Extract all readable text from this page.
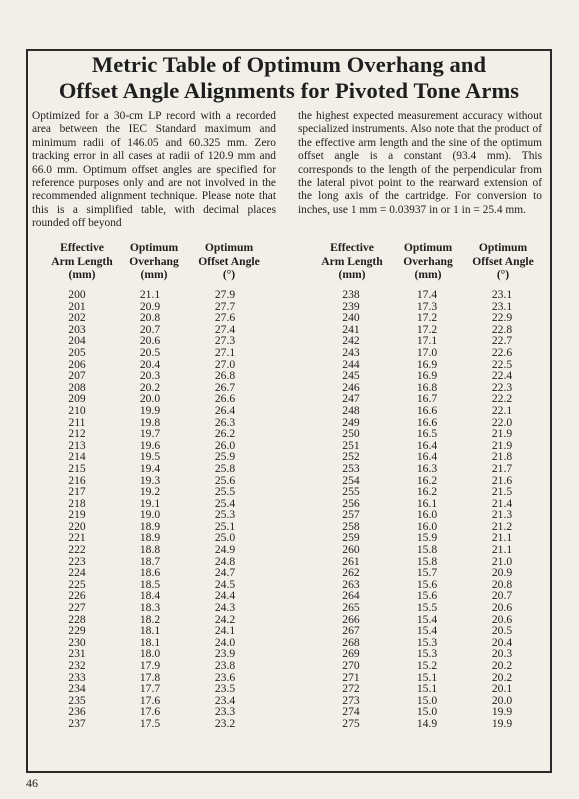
Metric Table of Optimum Overhang and
Offset Angle Alignments for Pivoted Tone Arms
Optimized for a 30-cm LP record with a recorded area between the IEC Standard maximum and minimum radii of 146.05 and 60.325 mm. Zero tracking error in all cases at radii of 120.9 mm and 66.0 mm. Optimum offset angles are specified for reference purposes only and are not involved in the recommended alignment technique. Please note that this is a simplified table, with decimal places rounded off beyond
the highest expected measurement accuracy without specialized instruments. Also note that the product of the effective arm length and the sine of the optimum offset angle is a constant (93.4 mm). This corresponds to the length of the perpendicular from the lateral pivot point to the rearward extension of the long axis of the cartridge. For conversion to inches, use 1 mm = 0.03937 in or 1 in = 25.4 mm.
Effective
Arm Length
(mm)
Optimum
Overhang
(mm)
Optimum
Offset Angle
(°)
Effective
Arm Length
(mm)
Optimum
Overhang
(mm)
Optimum
Offset Angle
(°)
200
201
202
203
204
205
206
207
208
209
210
211
212
213
214
215
216
217
218
219
220
221
222
223
224
225
226
227
228
229
230
231
232
233
234
235
236
237
21.1
20.9
20.8
20.7
20.6
20.5
20.4
20.3
20.2
20.0
19.9
19.8
19.7
19.6
19.5
19.4
19.3
19.2
19.1
19.0
18.9
18.9
18.8
18.7
18.6
18.5
18.4
18.3
18.2
18.1
18.1
18.0
17.9
17.8
17.7
17.6
17.6
17.5
27.9
27.7
27.6
27.4
27.3
27.1
27.0
26.8
26.7
26.6
26.4
26.3
26.2
26.0
25.9
25.8
25.6
25.5
25.4
25.3
25.1
25.0
24.9
24.8
24.7
24.5
24.4
24.3
24.2
24.1
24.0
23.9
23.8
23.6
23.5
23.4
23.3
23.2
238
239
240
241
242
243
244
245
246
247
248
249
250
251
252
253
254
255
256
257
258
259
260
261
262
263
264
265
266
267
268
269
270
271
272
273
274
275
17.4
17.3
17.2
17.2
17.1
17.0
16.9
16.9
16.8
16.7
16.6
16.6
16.5
16.4
16.4
16.3
16.2
16.2
16.1
16.0
16.0
15.9
15.8
15.8
15.7
15.6
15.6
15.5
15.4
15.4
15.3
15.3
15.2
15.1
15.1
15.0
15.0
14.9
23.1
23.1
22.9
22.8
22.7
22.6
22.5
22.4
22.3
22.2
22.1
22.0
21.9
21.9
21.8
21.7
21.6
21.5
21.4
21.3
21.2
21.1
21.1
21.0
20.9
20.8
20.7
20.6
20.6
20.5
20.4
20.3
20.2
20.2
20.1
20.0
19.9
19.9
46
